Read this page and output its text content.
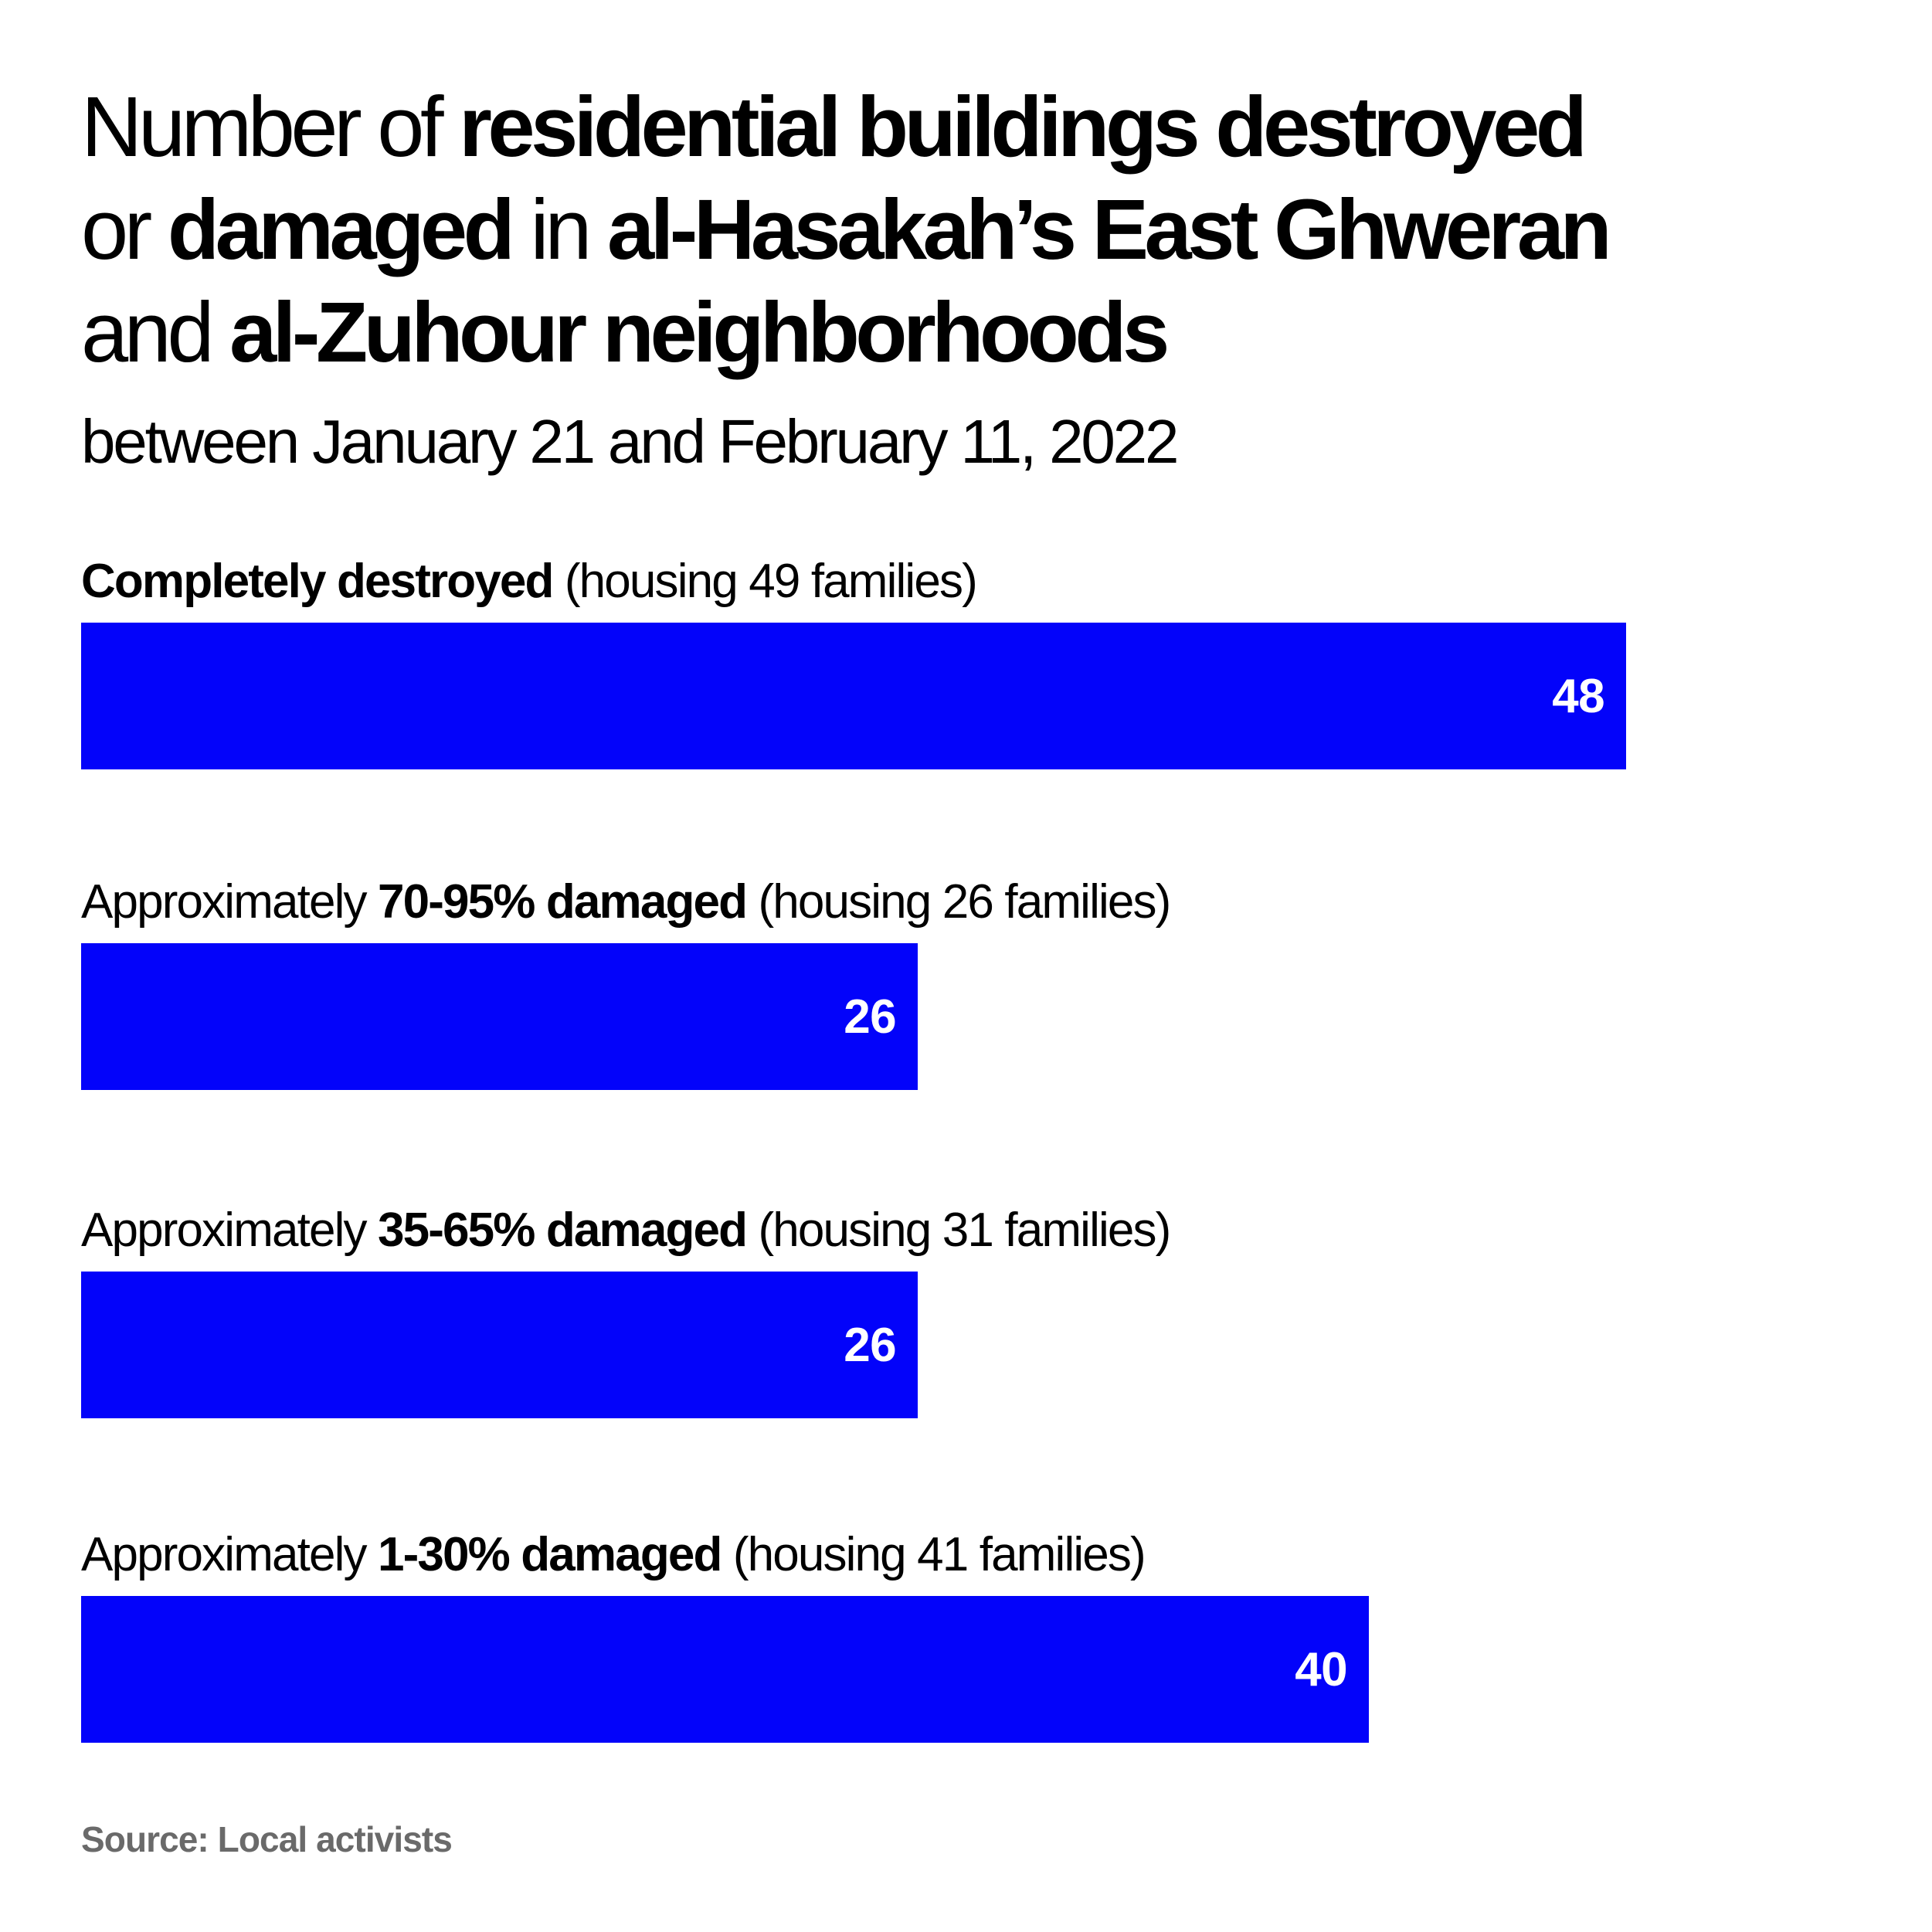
Number of residential buildings destroyed
or damaged in al-Hasakah’s East Ghweran
and al-Zuhour neighborhoods
between January 21 and February 11, 2022
Completely destroyed (housing 49 families)
48
Approximately 70-95% damaged (housing 26 families)
26
Approximately 35-65% damaged (housing 31 families)
26
Approximately 1-30% damaged (housing 41 families)
40
Source: Local activists
